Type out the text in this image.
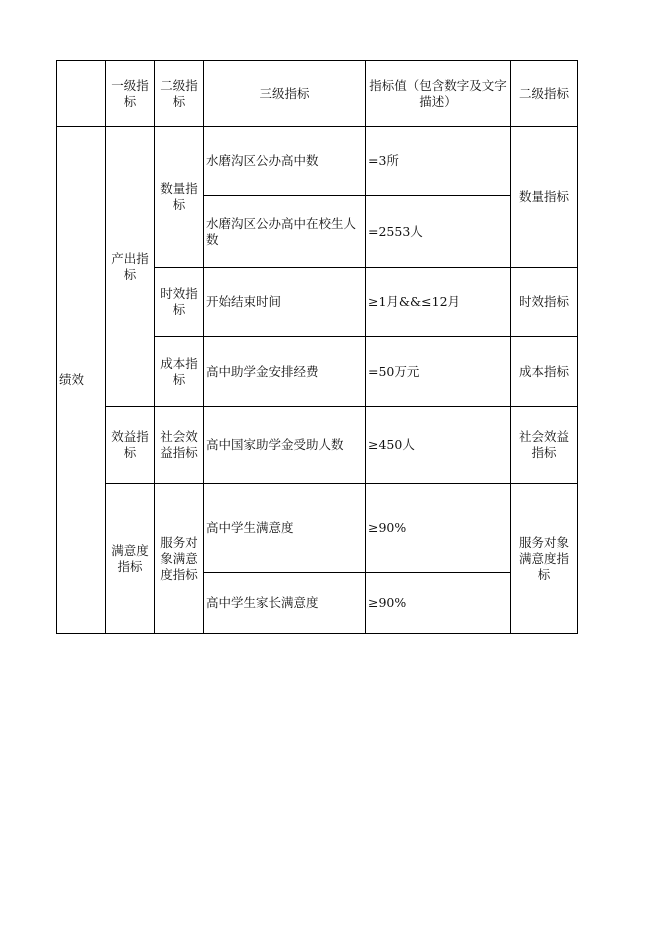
	一级指标	二级指标	三级指标	指标值（包含数字及文字描述）	二级指标
绩效	产出指标	数量指标	水磨沟区公办高中数	=3所	数量指标
			水磨沟区公办高中在校生人数	=2553人	
		时效指标	开始结束时间	≥1月&&≤12月	时效指标
		成本指标	高中助学金安排经费	=50万元	成本指标
	效益指标	社会效益指标	高中国家助学金受助人数	≥450人	社会效益指标
	满意度指标	服务对象满意度指标	高中学生满意度	≥90%	服务对象满意度指标
			高中学生家长满意度	≥90%	
